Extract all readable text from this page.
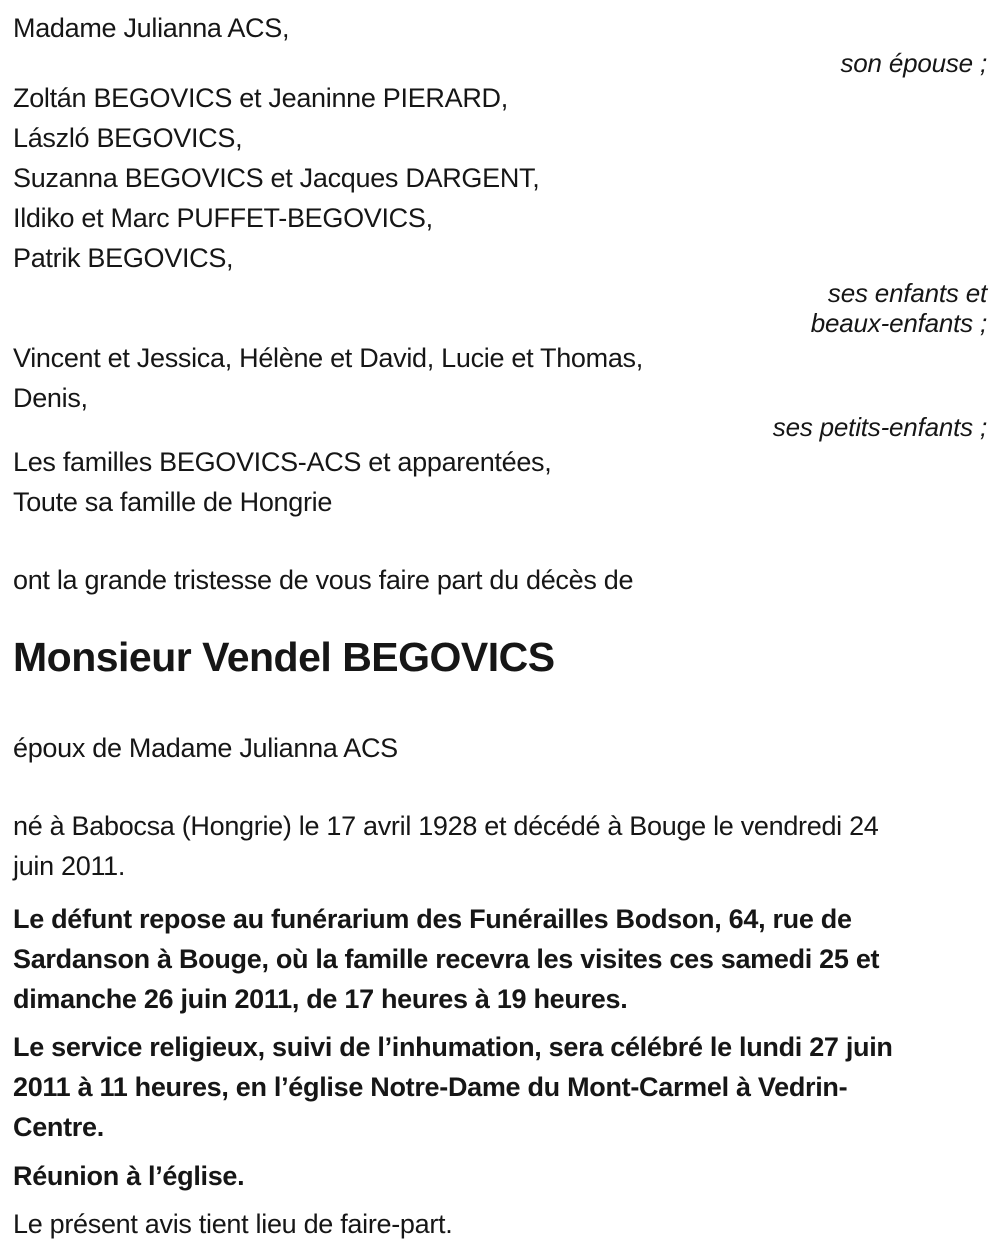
Madame Julianna ACS,
son épouse ;
Zoltán BEGOVICS et Jeaninne PIERARD,
László BEGOVICS,
Suzanna BEGOVICS et Jacques DARGENT,
Ildiko et Marc PUFFET-BEGOVICS,
Patrik BEGOVICS,
ses enfants et
beaux-enfants ;
Vincent et Jessica, Hélène et David, Lucie et Thomas,
Denis,
ses petits-enfants ;
Les familles BEGOVICS-ACS et apparentées,
Toute sa famille de Hongrie
ont la grande tristesse de vous faire part du décès de
Monsieur Vendel BEGOVICS
époux de Madame Julianna ACS
né à Babocsa (Hongrie) le 17 avril 1928 et décédé à Bouge le vendredi 24
juin 2011.
Le défunt repose au funérarium des Funérailles Bodson, 64, rue de
Sardanson à Bouge, où la famille recevra les visites ces samedi 25 et
dimanche 26 juin 2011, de 17 heures à 19 heures.
Le service religieux, suivi de l’inhumation, sera célébré le lundi 27 juin
2011 à 11 heures, en l’église Notre-Dame du Mont-Carmel à Vedrin-
Centre.
Réunion à l’église.
Le présent avis tient lieu de faire-part.
